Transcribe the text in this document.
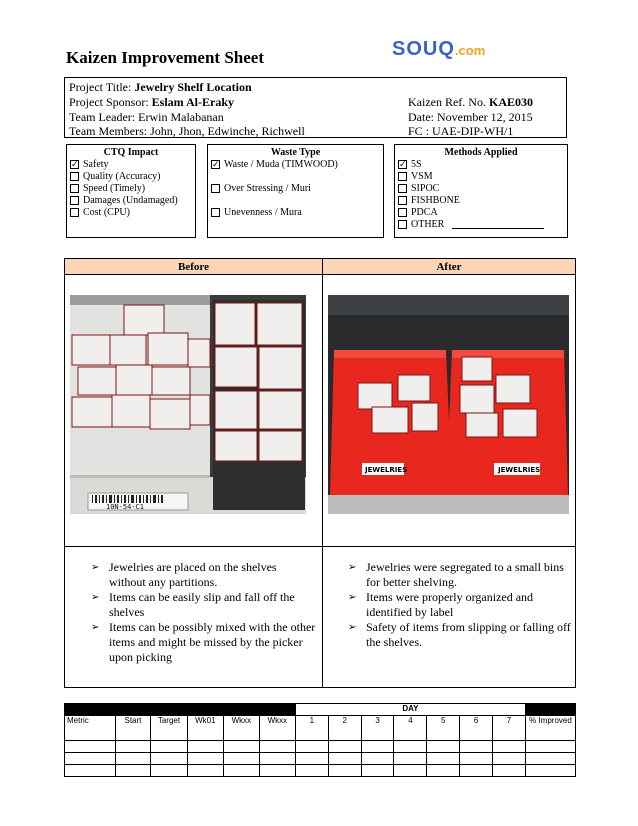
Kaizen Improvement Sheet	SOUQ.com
Project Title: Jewelry Shelf Location
Project Sponsor: Eslam Al-Eraky
Team Leader: Erwin Malabanan
Team Members: John, Jhon, Edwinche, Richwell
Kaizen Ref. No. KAE030
Date: November 12, 2015
FC : UAE-DIP-WH/1
CTQ Impact
✓ Safety
Quality (Accuracy)
Speed (Timely)
Damages (Undamaged)
Cost (CPU)
Waste Type
✓ Waste / Muda (TIMWOOD)
Over Stressing / Muri
Unevenness / Mura
Methods Applied
✓ 5S
VSM
SIPOC
FISHBONE
PDCA
OTHER
Before	After
10N-54-C1
JEWELRIES	JEWELRIES
➢ Jewelries are placed on the shelves without any partitions.
➢ Items can be easily slip and fall off the shelves
➢ Items can be possibly mixed with the other items and might be missed by the picker upon picking
➢ Jewelries were segregated to a small bins for better shelving.
➢ Items were properly organized and identified by label
➢ Safety of items from slipping or falling off the shelves.
						DAY							
Metric	Start	Target	Wk01	Wkxx	Wkxx	1	2	3	4	5	6	7	% Improved
